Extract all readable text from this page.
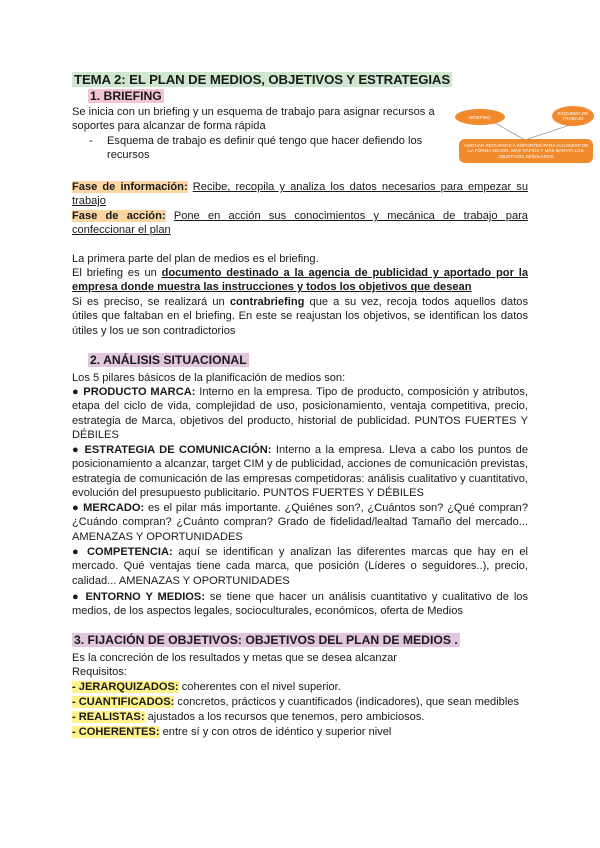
TEMA 2: EL PLAN DE MEDIOS, OBJETIVOS Y ESTRATEGIAS
1. BRIEFING

Se inicia con un briefing y un esquema de trabajo para asignar recursos a soportes para alcanzar de forma rápida

- Esquema de trabajo es definir qué tengo que hacer defiendo los recursos

BRIEFING
ESQUEMA DE TRABAJO
ASIGNAR RECURSOS A SOPORTES PARA ALCANZAR DE LA FORMA MEJOR, MÁS RÁPIDA Y MÁS BARATA LOS OBJETIVOS SEÑALADOS

Fase de información: Recibe, recopila y analiza los datos necesarios para empezar su trabajo

Fase de acción: Pone en acción sus conocimientos y mecánica de trabajo para confeccionar el plan

La primera parte del plan de medios es el briefing.

El briefing es un documento destinado a la agencia de publicidad y aportado por la empresa donde muestra las instrucciones y todos los objetivos que desean

Si es preciso, se realizará un contrabriefing que a su vez, recoja todos aquellos datos útiles que faltaban en el briefing. En este se reajustan los objetivos, se identifican los datos útiles y los ue son contradictorios

2. ANÁLISIS SITUACIONAL

Los 5 pilares básicos de la planificación de medios son:

● PRODUCTO MARCA: Interno en la empresa. Tipo de producto, composición y atributos, etapa del ciclo de vida, complejidad de uso, posicionamiento, ventaja competitiva, precio, estrategia de Marca, objetivos del producto, historial de publicidad. PUNTOS FUERTES Y DÉBILES

● ESTRATEGIA DE COMUNICACIÓN: Interno a la empresa. Lleva a cabo los puntos de posicionamiento a alcanzar, target CIM y de publicidad, acciones de comunicación previstas, estrategia de comunicación de las empresas competidoras: análisis cualitativo y cuantitativo, evolución del presupuesto publicitario. PUNTOS FUERTES Y DÉBILES

● MERCADO: es el pilar más importante. ¿Quiénes son?, ¿Cuántos son? ¿Qué compran? ¿Cuándo compran? ¿Cuánto compran? Grado de fidelidad/lealtad Tamaño del mercado... AMENAZAS Y OPORTUNIDADES

● COMPETENCIA: aquí se identifican y analizan las diferentes marcas que hay en el mercado. Qué ventajas tiene cada marca, que posición (Líderes o seguidores..), precio, calidad... AMENAZAS Y OPORTUNIDADES

● ENTORNO Y MEDIOS: se tiene que hacer un análisis cuantitativo y cualitativo de los medios, de los aspectos legales, socioculturales, económicos, oferta de Medios

3. FIJACIÓN DE OBJETIVOS: OBJETIVOS DEL PLAN DE MEDIOS .

Es la concreción de los resultados y metas que se desea alcanzar

Requisitos:

- JERARQUIZADOS: coherentes con el nivel superior.

- CUANTIFICADOS: concretos, prácticos y cuantificados (indicadores), que sean medibles

- REALISTAS: ajustados a los recursos que tenemos, pero ambiciosos.

- COHERENTES: entre sí y con otros de idéntico y superior nivel
